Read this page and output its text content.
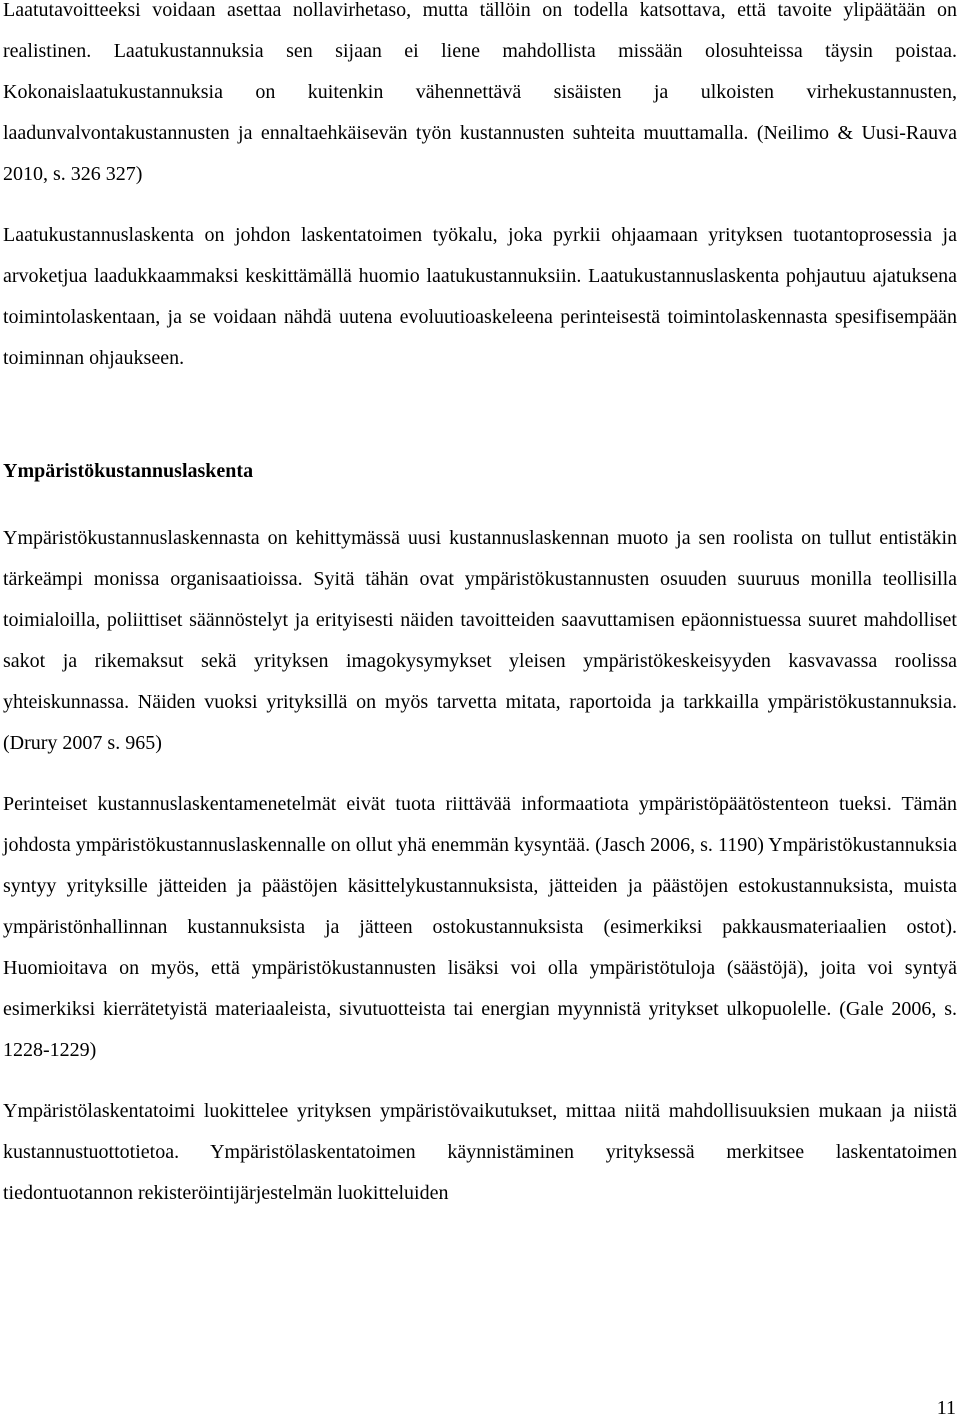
Laatutavoitteeksi voidaan asettaa nollavirhetaso, mutta tällöin on todella katsottava, että tavoite ylipäätään on realistinen. Laatukustannuksia sen sijaan ei liene mahdollista missään olosuhteissa täysin poistaa. Kokonaislaatukustannuksia on kuitenkin vähennettävä sisäisten ja ulkoisten virhekustannusten, laadunvalvontakustannusten ja ennaltaehkäisevän työn kustannusten suhteita muuttamalla. (Neilimo & Uusi-Rauva 2010, s. 326 327)

Laatukustannuslaskenta on johdon laskentatoimen työkalu, joka pyrkii ohjaamaan yrityksen tuotantoprosessia ja arvoketjua laadukkaammaksi keskittämällä huomio laatukustannuksiin. Laatukustannuslaskenta pohjautuu ajatuksena toimintolaskentaan, ja se voidaan nähdä uutena evoluutioaskeleena perinteisestä toimintolaskennasta spesifisempään toiminnan ohjaukseen.

Ympäristökustannuslaskenta

Ympäristökustannuslaskennasta on kehittymässä uusi kustannuslaskennan muoto ja sen roolista on tullut entistäkin tärkeämpi monissa organisaatioissa. Syitä tähän ovat ympäristökustannusten osuuden suuruus monilla teollisilla toimialoilla, poliittiset säännöstelyt ja erityisesti näiden tavoitteiden saavuttamisen epäonnistuessa suuret mahdolliset sakot ja rikemaksut sekä yrityksen imagokysymykset yleisen ympäristökeskeisyyden kasvavassa roolissa yhteiskunnassa. Näiden vuoksi yrityksillä on myös tarvetta mitata, raportoida ja tarkkailla ympäristökustannuksia. (Drury 2007 s. 965)

Perinteiset kustannuslaskentamenetelmät eivät tuota riittävää informaatiota ympäristöpäätöstenteon tueksi. Tämän johdosta ympäristökustannuslaskennalle on ollut yhä enemmän kysyntää. (Jasch 2006, s. 1190) Ympäristökustannuksia syntyy yrityksille jätteiden ja päästöjen käsittelykustannuksista, jätteiden ja päästöjen estokustannuksista, muista ympäristönhallinnan kustannuksista ja jätteen ostokustannuksista (esimerkiksi pakkausmateriaalien ostot). Huomioitava on myös, että ympäristökustannusten lisäksi voi olla ympäristötuloja (säästöjä), joita voi syntyä esimerkiksi kierrätetyistä materiaaleista, sivutuotteista tai energian myynnistä yritykset ulkopuolelle. (Gale 2006, s. 1228-1229)

Ympäristölaskentatoimi luokittelee yrityksen ympäristövaikutukset, mittaa niitä mahdollisuuksien mukaan ja niistä kustannustuottotietoa. Ympäristölaskentatoimen käynnistäminen yrityksessä merkitsee laskentatoimen tiedontuotannon rekisteröintijärjestelmän luokitteluiden

11
